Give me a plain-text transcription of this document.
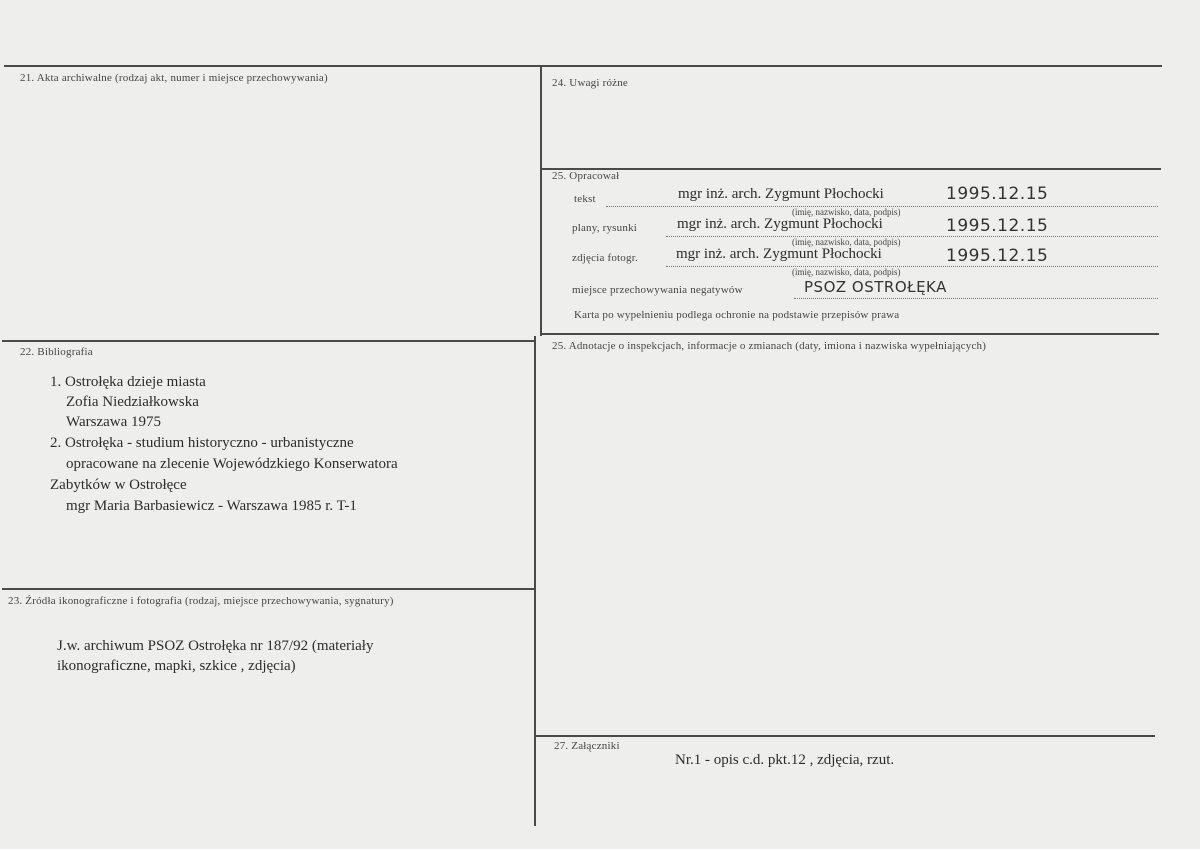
21. Akta archiwalne (rodzaj akt, numer i miejsce przechowywania)	24. Uwagi różne
25. Opracował
tekst	mgr inż. arch. Zygmunt Płochocki	1995.12.15
(imię, nazwisko, data, podpis)
plany, rysunki	mgr inż. arch. Zygmunt Płochocki	1995.12.15
(imię, nazwisko, data, podpis)
zdjęcia fotogr.	mgr inż. arch. Zygmunt Płochocki	1995.12.15
(imię, nazwisko, data, podpis)
miejsce przechowywania negatywów	PSOZ OSTROŁĘKA
Karta po wypełnieniu podlega ochronie na podstawie przepisów prawa
25. Adnotacje o inspekcjach, informacje o zmianach (daty, imiona i nazwiska wypełniających)
22. Bibliografia
1. Ostrołęka dzieje miasta
Zofia Niedziałkowska
Warszawa 1975
2. Ostrołęka - studium historyczno - urbanistyczne
opracowane na zlecenie Wojewódzkiego Konserwatora
Zabytków w Ostrołęce
mgr Maria Barbasiewicz - Warszawa 1985 r. T-1
23. Źródła ikonograficzne i fotografia (rodzaj, miejsce przechowywania, sygnatury)
J.w. archiwum PSOZ Ostrołęka nr 187/92 (materiały
ikonograficzne, mapki, szkice , zdjęcia)
27. Załączniki
Nr.1 - opis c.d. pkt.12 , zdjęcia, rzut.
